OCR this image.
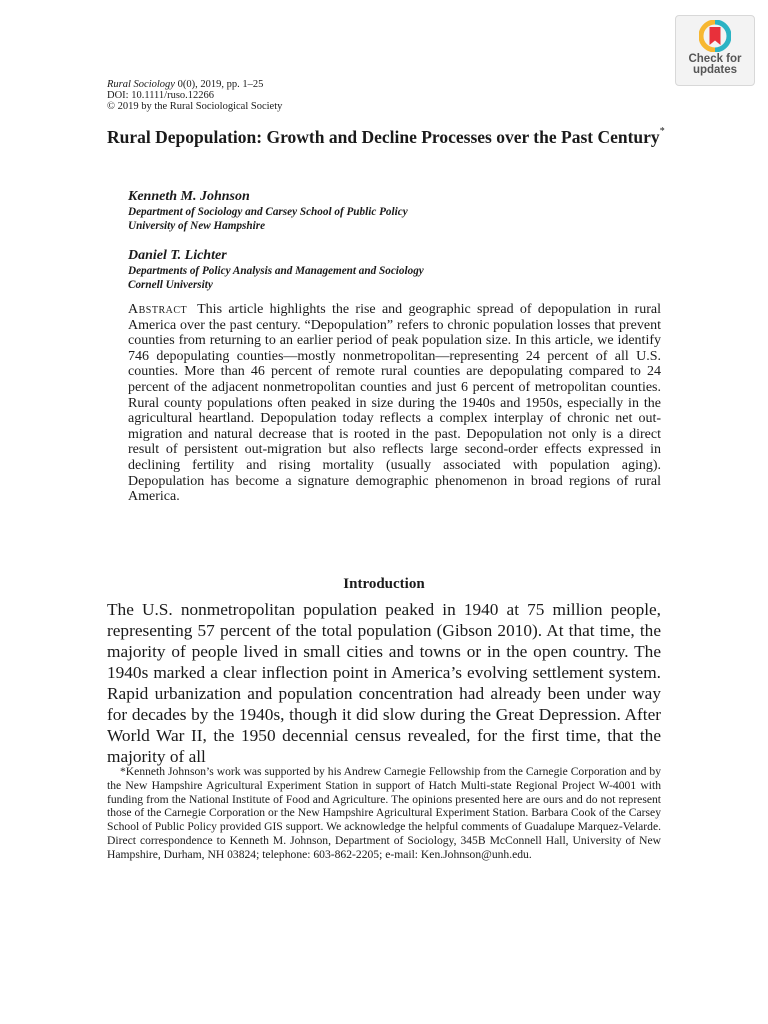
Rural Sociology 0(0), 2019, pp. 1–25
DOI: 10.1111/ruso.12266
© 2019 by the Rural Sociological Society
Check for
updates
Rural Depopulation: Growth and Decline Processes over the Past Century*
Kenneth M. Johnson
Department of Sociology and Carsey School of Public Policy
University of New Hampshire
Daniel T. Lichter
Departments of Policy Analysis and Management and Sociology
Cornell University

Abstract This article highlights the rise and geographic spread of depopulation in rural America over the past century. “Depopulation” refers to chronic population losses that prevent counties from returning to an earlier period of peak population size. In this article, we identify 746 depopulating counties—mostly nonmetropolitan—representing 24 percent of all U.S. counties. More than 46 percent of remote rural counties are depopulating compared to 24 percent of the adjacent nonmetropolitan counties and just 6 percent of metropolitan counties. Rural county populations often peaked in size during the 1940s and 1950s, especially in the agricultural heartland. Depopulation today reflects a complex interplay of chronic net out-migration and natural decrease that is rooted in the past. Depopulation not only is a direct result of persistent out-migration but also reflects large second-order effects expressed in declining fertility and rising mortality (usually associated with population aging). Depopulation has become a signature demographic phenomenon in broad regions of rural America.

Introduction

The U.S. nonmetropolitan population peaked in 1940 at 75 million people, representing 57 percent of the total population (Gibson 2010). At that time, the majority of people lived in small cities and towns or in the open country. The 1940s marked a clear inflection point in America’s evolving settlement system. Rapid urbanization and population concentration had already been under way for decades by the 1940s, though it did slow during the Great Depression. After World War II, the 1950 decennial census revealed, for the first time, that the majority of all

*Kenneth Johnson’s work was supported by his Andrew Carnegie Fellowship from the Carnegie Corporation and by the New Hampshire Agricultural Experiment Station in support of Hatch Multi-state Regional Project W-4001 with funding from the National Institute of Food and Agriculture. The opinions presented here are ours and do not represent those of the Carnegie Corporation or the New Hampshire Agricultural Experiment Station. Barbara Cook of the Carsey School of Public Policy provided GIS support. We acknowledge the helpful comments of Guadalupe Marquez-Velarde. Direct correspondence to Kenneth M. Johnson, Department of Sociology, 345B McConnell Hall, University of New Hampshire, Durham, NH 03824; telephone: 603-862-2205; e-mail: Ken.Johnson@unh.edu.
